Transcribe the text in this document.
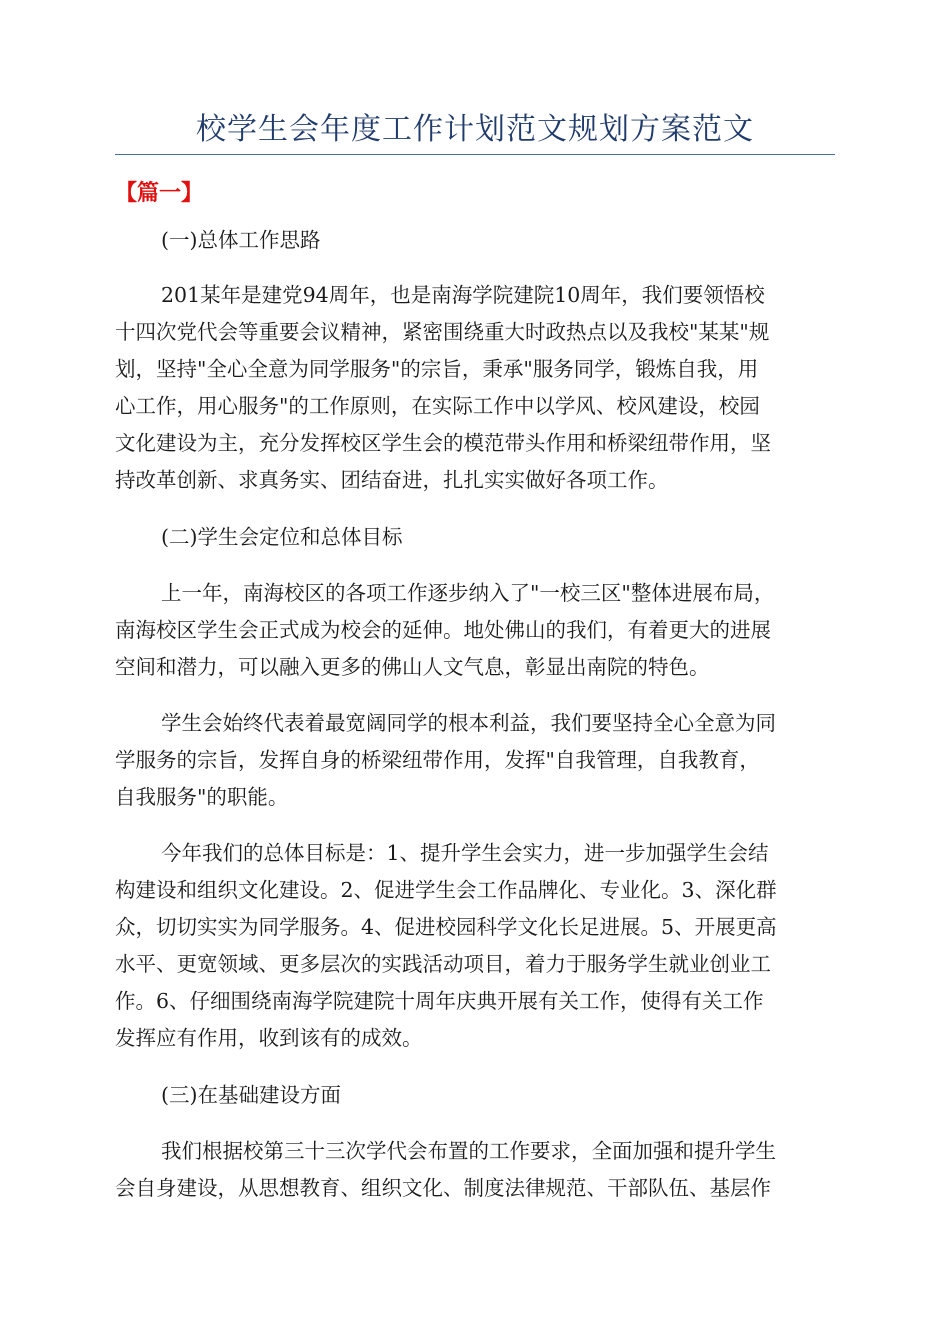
校学生会年度工作计划范文规划方案范文
【篇一】
(一)总体工作思路
201某年是建党94周年，也是南海学院建院10周年，我们要领悟校
十四次党代会等重要会议精神，紧密围绕重大时政热点以及我校"某某"规
划，坚持"全心全意为同学服务"的宗旨，秉承"服务同学，锻炼自我，用
心工作，用心服务"的工作原则，在实际工作中以学风、校风建设，校园
文化建设为主，充分发挥校区学生会的模范带头作用和桥梁纽带作用，坚
持改革创新、求真务实、团结奋进，扎扎实实做好各项工作。
(二)学生会定位和总体目标
上一年，南海校区的各项工作逐步纳入了"一校三区"整体进展布局，
南海校区学生会正式成为校会的延伸。地处佛山的我们，有着更大的进展
空间和潜力，可以融入更多的佛山人文气息，彰显出南院的特色。
学生会始终代表着最宽阔同学的根本利益，我们要坚持全心全意为同
学服务的宗旨，发挥自身的桥梁纽带作用，发挥"自我管理，自我教育，
自我服务"的职能。
今年我们的总体目标是：1、提升学生会实力，进一步加强学生会结
构建设和组织文化建设。2、促进学生会工作品牌化、专业化。3、深化群
众，切切实实为同学服务。4、促进校园科学文化长足进展。5、开展更高
水平、更宽领域、更多层次的实践活动项目，着力于服务学生就业创业工
作。6、仔细围绕南海学院建院十周年庆典开展有关工作，使得有关工作
发挥应有作用，收到该有的成效。
(三)在基础建设方面
我们根据校第三十三次学代会布置的工作要求，全面加强和提升学生
会自身建设，从思想教育、组织文化、制度法律规范、干部队伍、基层作
